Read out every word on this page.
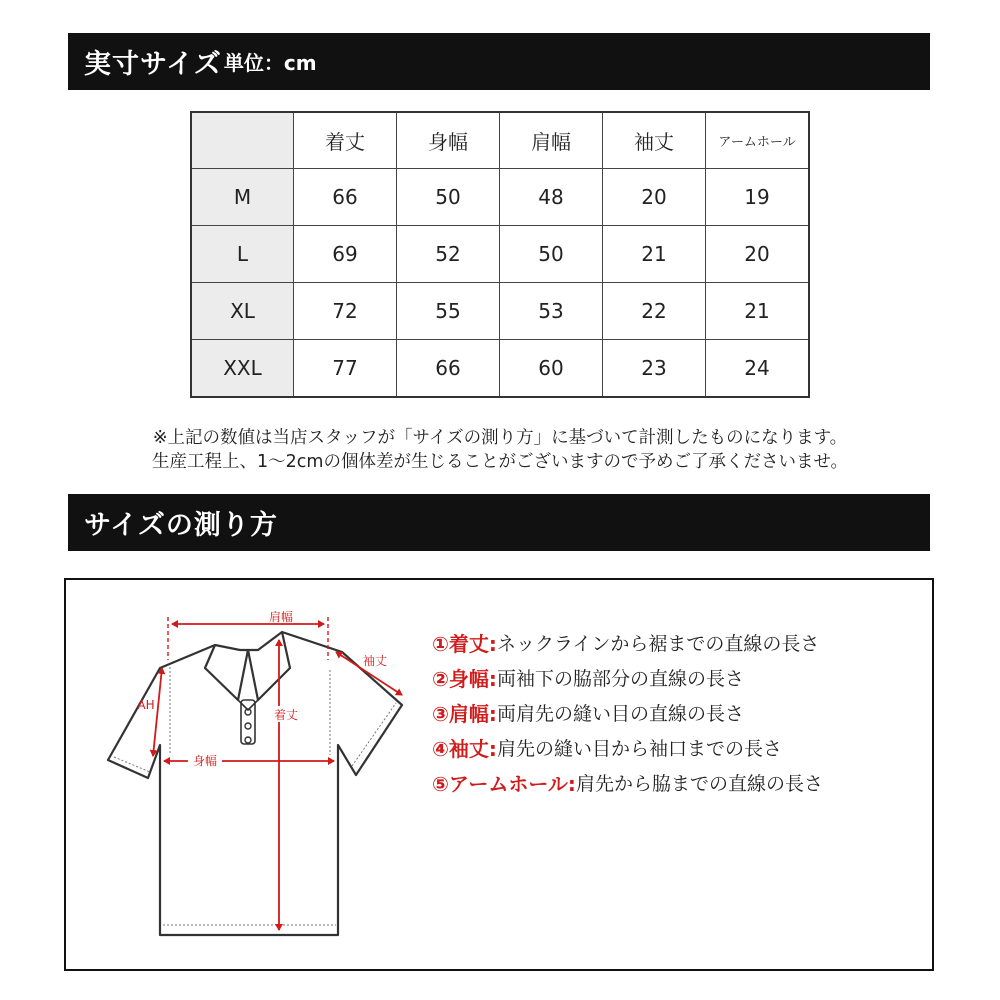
実寸サイズ 単位：cm
	着丈	身幅	肩幅	袖丈	アームホール
M	66	50	48	20	19
L	69	52	50	21	20
XL	72	55	53	22	21
XXL	77	66	60	23	24
※上記の数値は当店スタッフが「サイズの測り方」に基づいて計測したものになります。
生産工程上、1〜2cmの個体差が生じることがございますので予めご了承くださいませ。
サイズの測り方
肩幅
袖丈
AH
着丈
身幅
①着丈: ネックラインから裾までの直線の長さ
②身幅: 両袖下の脇部分の直線の長さ
③肩幅: 両肩先の縫い目の直線の長さ
④袖丈: 肩先の縫い目から袖口までの長さ
⑤アームホール: 肩先から脇までの直線の長さ
